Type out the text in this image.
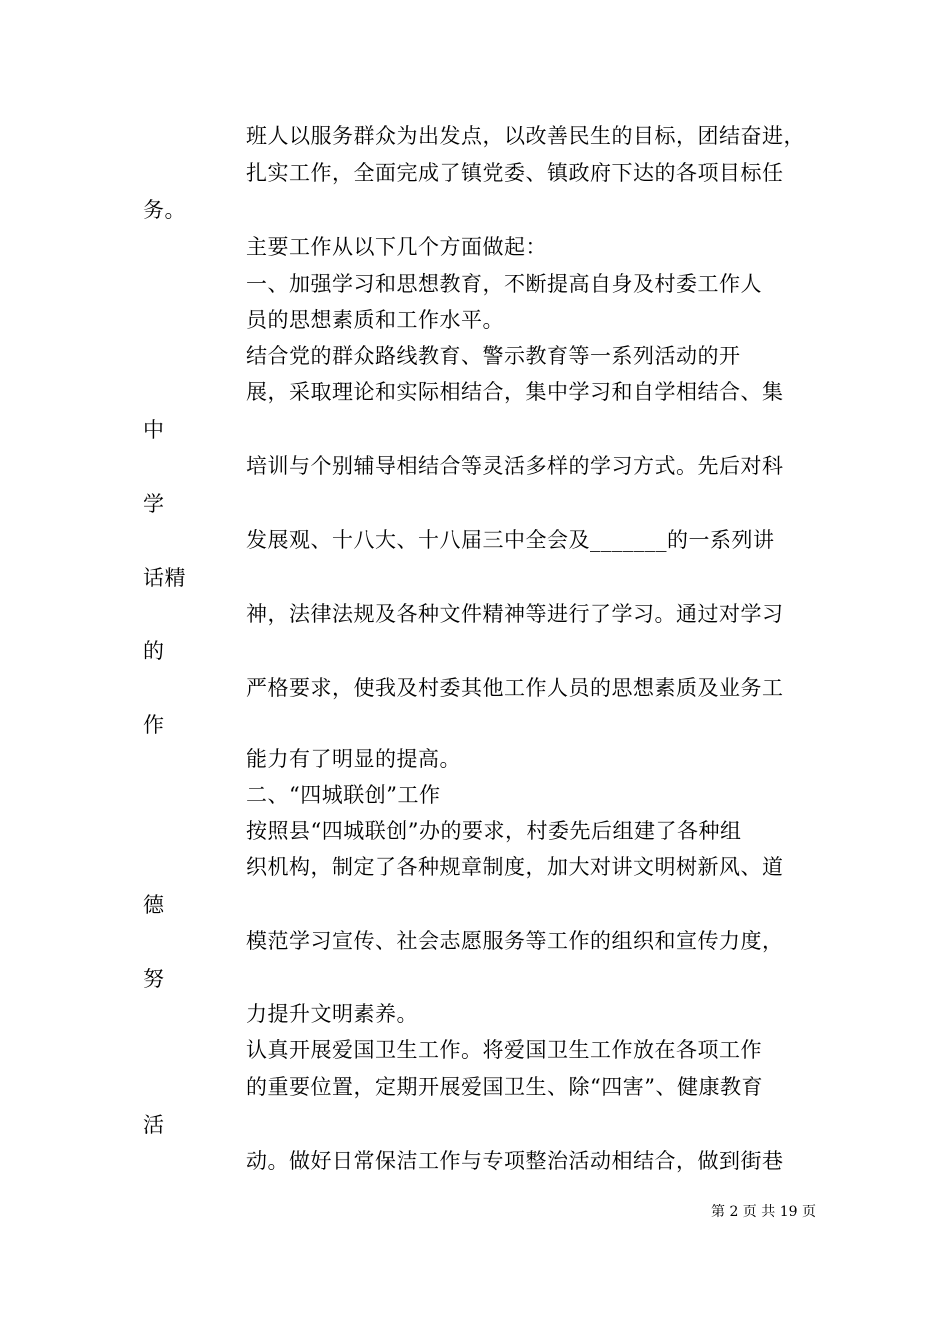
班人以服务群众为出发点，以改善民生的目标，团结奋进，
扎实工作，全面完成了镇党委、镇政府下达的各项目标任
务。
主要工作从以下几个方面做起：
一、加强学习和思想教育，不断提高自身及村委工作人
员的思想素质和工作水平。
结合党的群众路线教育、警示教育等一系列活动的开
展，采取理论和实际相结合，集中学习和自学相结合、集
中
培训与个别辅导相结合等灵活多样的学习方式。先后对科
学
发展观、十八大、十八届三中全会及_______的一系列讲
话精
神，法律法规及各种文件精神等进行了学习。通过对学习
的
严格要求，使我及村委其他工作人员的思想素质及业务工
作
能力有了明显的提高。
二、“四城联创”工作
按照县“四城联创”办的要求，村委先后组建了各种组
织机构，制定了各种规章制度，加大对讲文明树新风、道
德
模范学习宣传、社会志愿服务等工作的组织和宣传力度，
努
力提升文明素养。
认真开展爱国卫生工作。将爱国卫生工作放在各项工作
的重要位置，定期开展爱国卫生、除“四害”、健康教育
活
动。做好日常保洁工作与专项整治活动相结合，做到街巷
第 2 页 共 19 页
